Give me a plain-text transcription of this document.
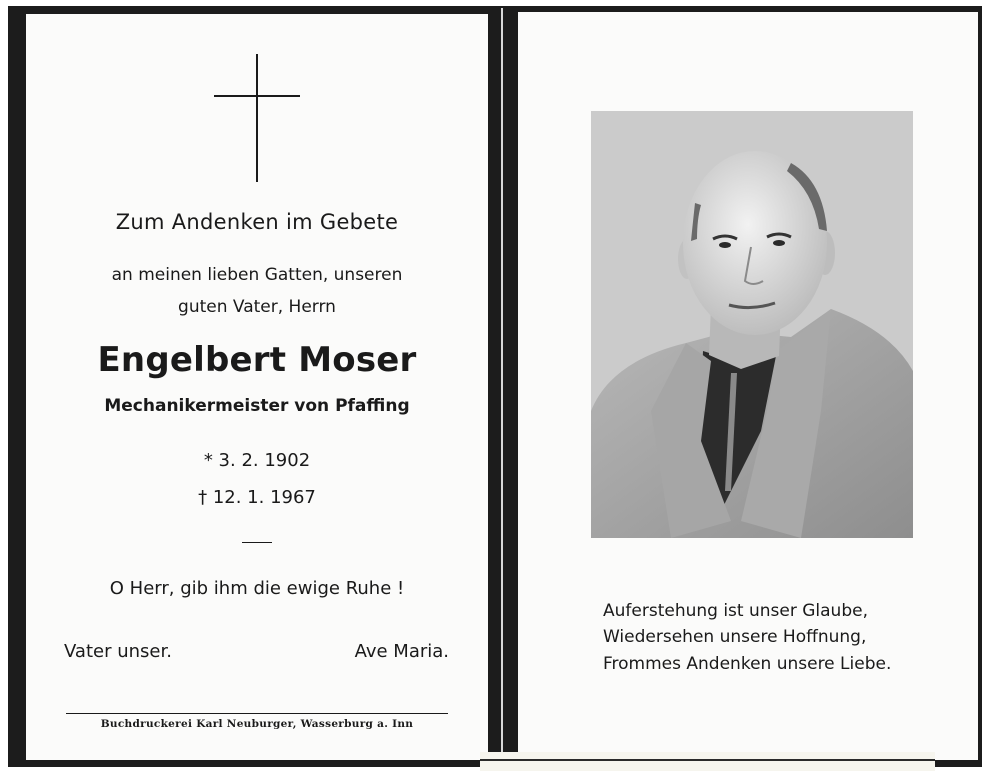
Zum Andenken im Gebete
an meinen lieben Gatten, unseren
guten Vater, Herrn
Engelbert Moser
Mechanikermeister von Pfaffing
* 3. 2. 1902
† 12. 1. 1967
O Herr, gib ihm die ewige Ruhe !
Vater unser.	Ave Maria.
Buchdruckerei Karl Neuburger, Wasserburg a. Inn
Auferstehung ist unser Glaube,
Wiedersehen unsere Hoffnung,
Frommes Andenken unsere Liebe.
